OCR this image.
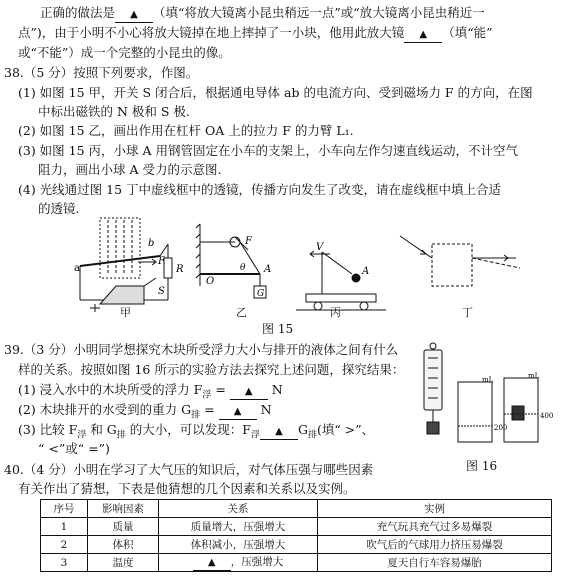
正确的做法是 ▲ （填“将放大镜离小昆虫稍远一点”或“放大镜离小昆虫稍近一
点”)，由于小明不小心将放大镜掉在地上摔掉了一小块，他用此放大镜 ▲ （填“能”
或“不能”）成一个完整的小昆虫的像。
38.（5 分）按照下列要求，作图。
(1) 如图 15 甲，开关 S 闭合后，根据通电导体 ab 的电流方向、受到磁场力 F 的方向，在图
中标出磁铁的 N 极和 S 极.
(2) 如图 15 乙，画出作用在杠杆 OA 上的拉力 F 的力臂 L₁.
(3) 如图 15 丙，小球 A 用钢管固定在小车的支架上，小车向左作匀速直线运动，不计空气
阻力，画出小球 A 受力的示意图.
(4) 光线通过图 15 丁中虚线框中的透镜，传播方向发生了改变，请在虚线框中填上合适
的透镜.
a
b
F
R
S
F
O
A
θ
G
V
A
甲	乙	丙	丁
图 15
39.（3 分）小明同学想探究木块所受浮力大小与排开的液体之间有什么
样的关系。按照如图 16 所示的实验方法去探究上述问题，探究结果：
(1) 浸入水中的木块所受的浮力 $F_浮$ = ▲ N
(2) 木块排开的水受到的重力 $G_排$ = ▲ N
(3) 比较 $F_浮$ 和 $G_排$ 的大小，可以发现：$F_浮$ ▲ $G_排$(填“ >”、
“ <”或“ =”)
mL	mL
200
400
图 16
40.（4 分）小明在学习了大气压的知识后，对气体压强与哪些因素
有关作出了猜想，下表是他猜想的几个因素和关系以及实例。
序号	影响因素	关系	实例
1	质量	质量增大，压强增大	充气玩具充气过多易爆裂
2	体积	体积减小，压强增大	吹气后的气球用力挤压易爆裂
3	温度	▲ ，压强增大	夏天自行车容易爆胎
